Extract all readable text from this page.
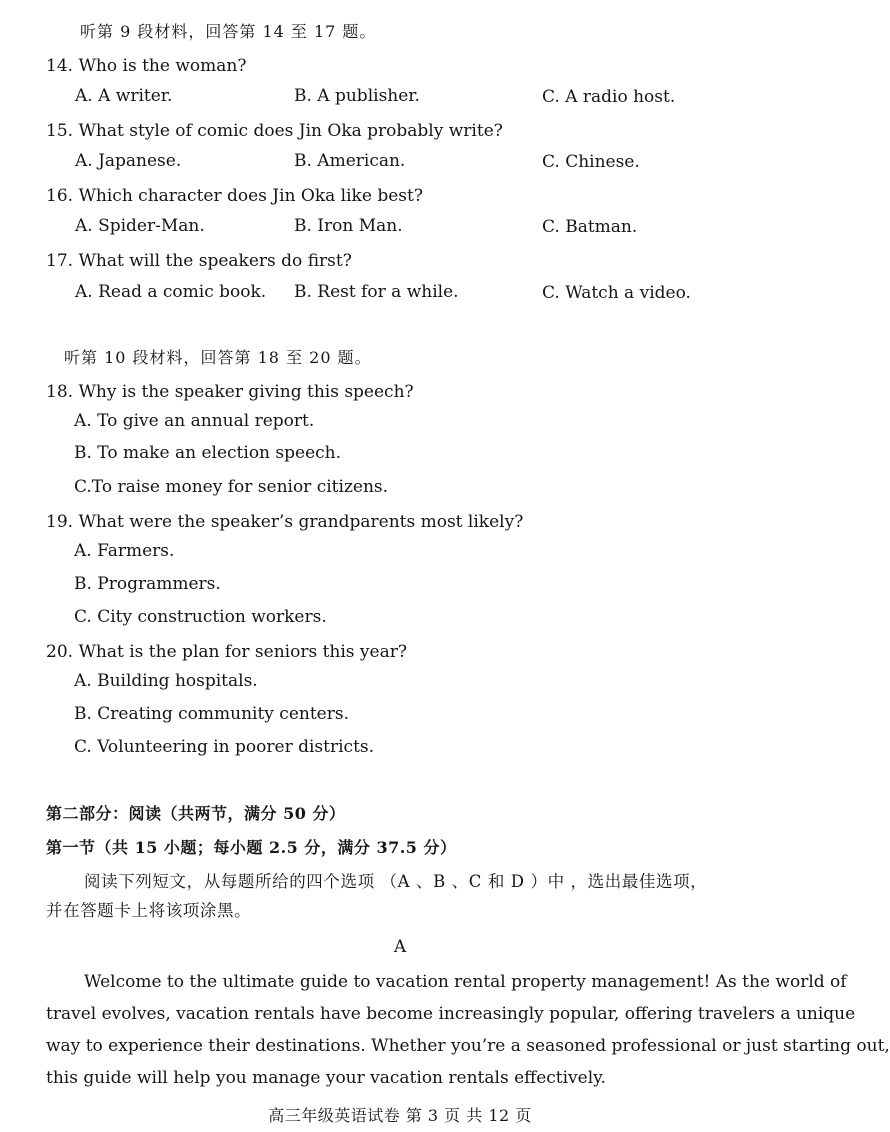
听第 9 段材料，回答第 14 至 17 题。
14. Who is the woman?
A. A writer.	B. A publisher.	C. A radio host.
15. What style of comic does Jin Oka probably write?
A. Japanese.	B. American.	C. Chinese.
16. Which character does Jin Oka like best?
A. Spider-Man.	B. Iron Man.	C. Batman.
17. What will the speakers do first?
A. Read a comic book. B. Rest for a while.	C. Watch a video.
听第 10 段材料，回答第 18 至 20 题。
18. Why is the speaker giving this speech?
A. To give an annual report.
B. To make an election speech.
C.To raise money for senior citizens.
19. What were the speaker’s grandparents most likely?
A. Farmers.
B. Programmers.
C. City construction workers.
20. What is the plan for seniors this year?
A. Building hospitals.
B. Creating community centers.
C. Volunteering in poorer districts.
第二部分：阅读（共两节，满分 50 分）
第一节（共 15 小题；每小题 2.5 分，满分 37.5 分）
阅读下列短文，从每题所给的四个选项 （A 、B 、C 和 D ）中 ，选出最佳选项，
并在答题卡上将该项涂黑。
A
Welcome to the ultimate guide to vacation rental property management! As the world of
travel evolves, vacation rentals have become increasingly popular, offering travelers a unique
way to experience their destinations. Whether you’re a seasoned professional or just starting out,
this guide will help you manage your vacation rentals effectively.
高三年级英语试卷 第 3 页 共 12 页
